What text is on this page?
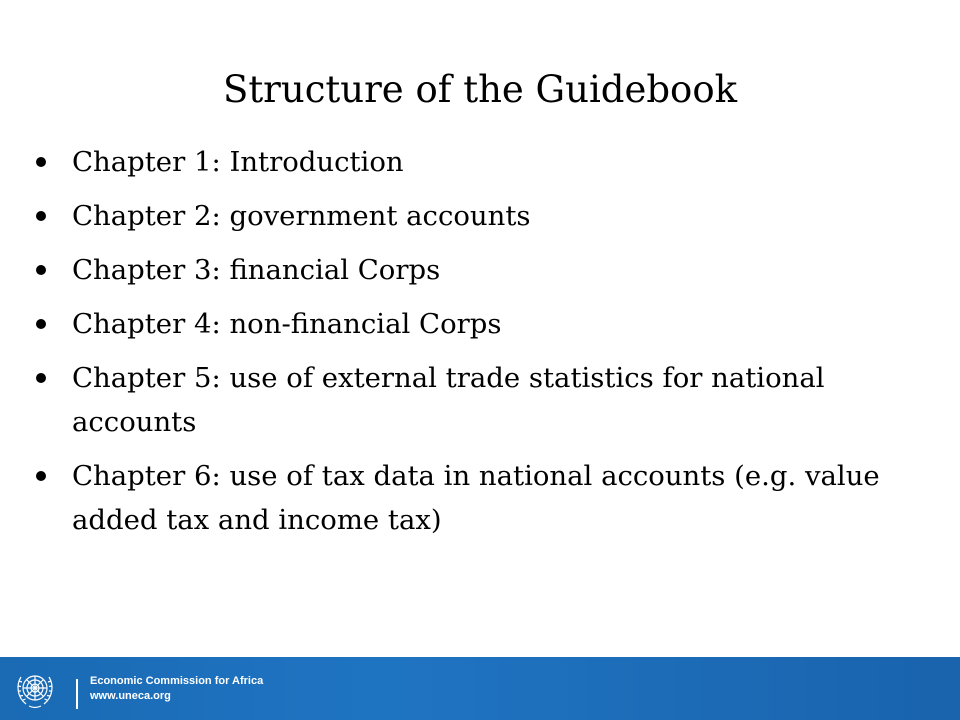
Structure of the Guidebook
Chapter 1: Introduction
Chapter 2: government accounts
Chapter 3: financial Corps
Chapter 4: non-financial Corps
Chapter 5: use of external trade statistics for national accounts
Chapter 6: use of tax data in national accounts (e.g. value added tax and income tax)
Economic Commission for Africa
www.uneca.org
